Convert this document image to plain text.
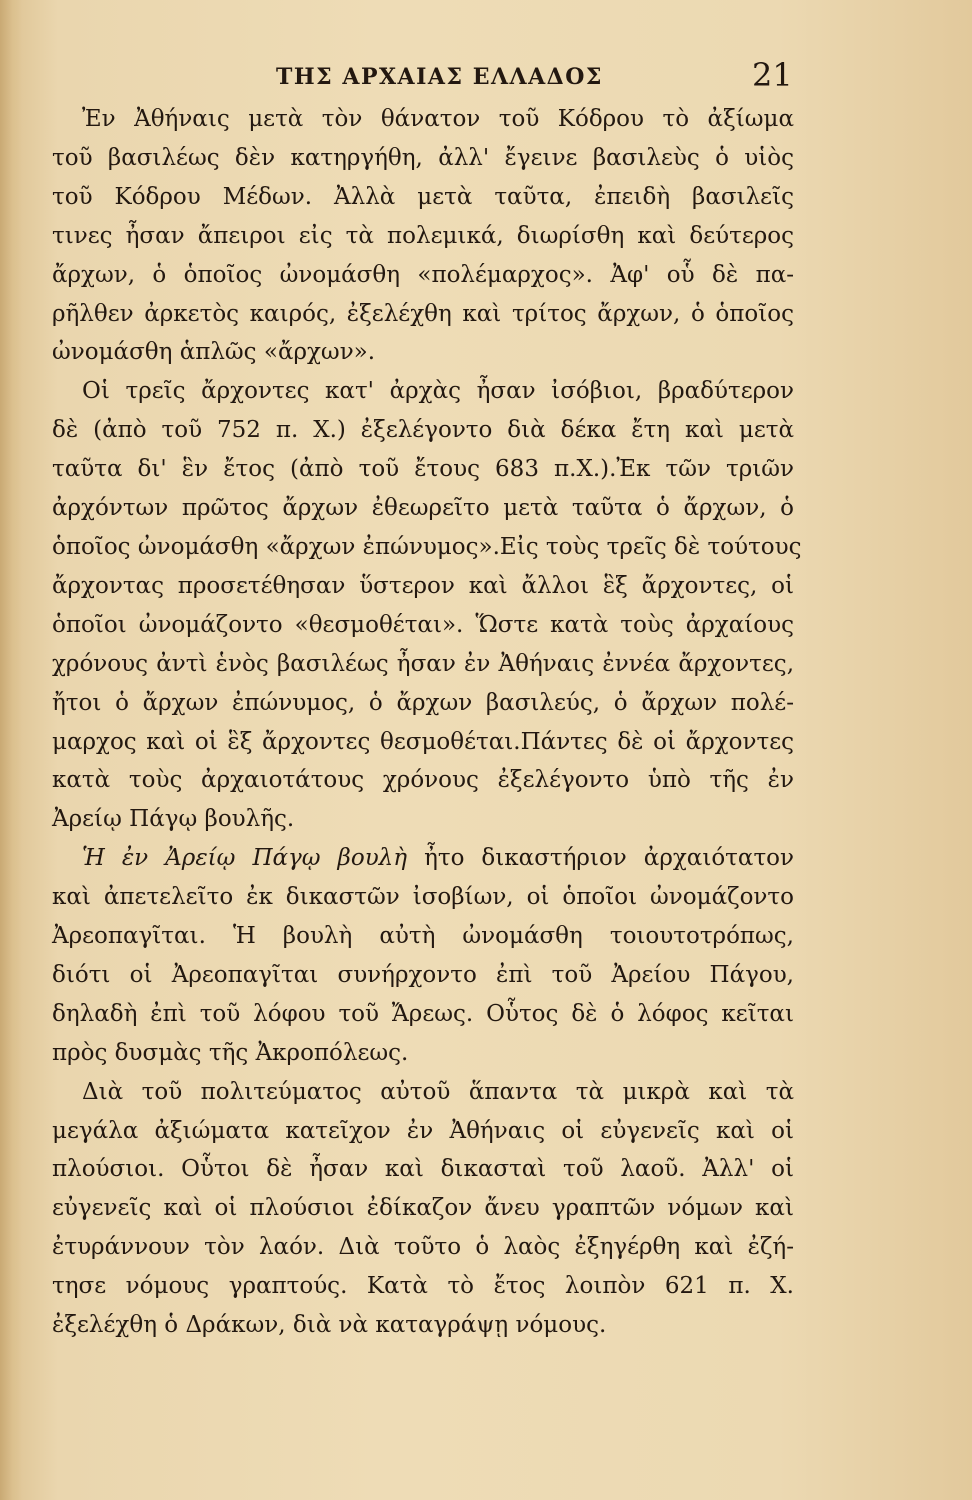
ΤΗΣ ΑΡΧΑΙΑΣ ΕΛΛΑΔΟΣ	21

Ἐν Ἀθήναις μετὰ τὸν θάνατον τοῦ Κόδρου τὸ ἀξίωμα
τοῦ βασιλέως δὲν κατηργήθη, ἀλλ' ἔγεινε βασιλεὺς ὁ υἱὸς
τοῦ Κόδρου Μέδων. Ἀλλὰ μετὰ ταῦτα, ἐπειδὴ βασιλεῖς
τινες ἦσαν ἄπειροι εἰς τὰ πολεμικά, διωρίσθη καὶ δεύτερος
ἄρχων, ὁ ὁποῖος ὠνομάσθη «πολέμαρχος». Ἀφ' οὗ δὲ πα-
ρῆλθεν ἀρκετὸς καιρός, ἐξελέχθη καὶ τρίτος ἄρχων, ὁ ὁποῖος
ὠνομάσθη ἁπλῶς «ἄρχων».

Οἱ τρεῖς ἄρχοντες κατ' ἀρχὰς ἦσαν ἰσόβιοι, βραδύτερον
δὲ (ἀπὸ τοῦ 752 π. Χ.) ἐξελέγοντο διὰ δέκα ἔτη καὶ μετὰ
ταῦτα δι' ἓν ἔτος (ἀπὸ τοῦ ἔτους 683 π.Χ.).Ἐκ τῶν τριῶν
ἀρχόντων πρῶτος ἄρχων ἐθεωρεῖτο μετὰ ταῦτα ὁ ἄρχων, ὁ
ὁποῖος ὠνομάσθη «ἄρχων ἐπώνυμος».Εἰς τοὺς τρεῖς δὲ τούτους
ἄρχοντας προσετέθησαν ὕστερον καὶ ἄλλοι ἓξ ἄρχοντες, οἱ
ὁποῖοι ὠνομάζοντο «θεσμοθέται». Ὥστε κατὰ τοὺς ἀρχαίους
χρόνους ἀντὶ ἑνὸς βασιλέως ἦσαν ἐν Ἀθήναις ἐννέα ἄρχοντες,
ἤτοι ὁ ἄρχων ἐπώνυμος, ὁ ἄρχων βασιλεύς, ὁ ἄρχων πολέ-
μαρχος καὶ οἱ ἓξ ἄρχοντες θεσμοθέται.Πάντες δὲ οἱ ἄρχοντες
κατὰ τοὺς ἀρχαιοτάτους χρόνους ἐξελέγοντο ὑπὸ τῆς ἐν
Ἀρείῳ Πάγῳ βουλῆς.

Ἡ ἐν Ἀρείῳ Πάγῳ βουλὴ ἦτο δικαστήριον ἀρχαιότατον
καὶ ἀπετελεῖτο ἐκ δικαστῶν ἰσοβίων, οἱ ὁποῖοι ὠνομάζοντο
Ἀρεοπαγῖται. Ἡ βουλὴ αὐτὴ ὠνομάσθη τοιουτοτρόπως,
διότι οἱ Ἀρεοπαγῖται συνήρχοντο ἐπὶ τοῦ Ἀρείου Πάγου,
δηλαδὴ ἐπὶ τοῦ λόφου τοῦ Ἄρεως. Οὗτος δὲ ὁ λόφος κεῖται
πρὸς δυσμὰς τῆς Ἀκροπόλεως.

Διὰ τοῦ πολιτεύματος αὐτοῦ ἅπαντα τὰ μικρὰ καὶ τὰ
μεγάλα ἀξιώματα κατεῖχον ἐν Ἀθήναις οἱ εὐγενεῖς καὶ οἱ
πλούσιοι. Οὗτοι δὲ ἦσαν καὶ δικασταὶ τοῦ λαοῦ. Ἀλλ' οἱ
εὐγενεῖς καὶ οἱ πλούσιοι ἐδίκαζον ἄνευ γραπτῶν νόμων καὶ
ἐτυράννουν τὸν λαόν. Διὰ τοῦτο ὁ λαὸς ἐξηγέρθη καὶ ἐζή-
τησε νόμους γραπτούς. Κατὰ τὸ ἔτος λοιπὸν 621 π. Χ.
ἐξελέχθη ὁ Δράκων, διὰ νὰ καταγράψῃ νόμους.
